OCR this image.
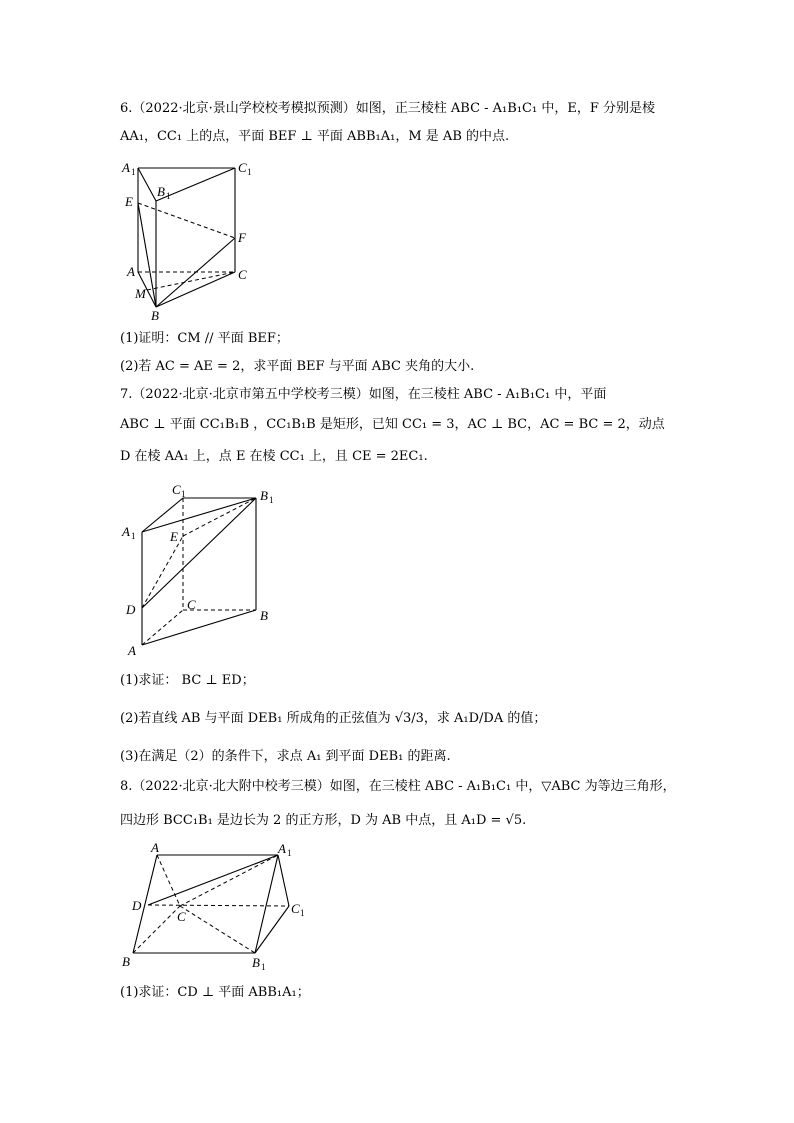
6.（2022·北京·景山学校校考模拟预测）如图，正三棱柱 ABC - A₁B₁C₁ 中，E，F 分别是棱
AA₁，CC₁ 上的点，平面 BEF ⊥ 平面 ABB₁A₁，M 是 AB 的中点.
A 1	C 1
B 1
E
F
A	C
M
B
(1)证明：CM // 平面 BEF；
(2)若 AC = AE = 2，求平面 BEF 与平面 ABC 夹角的大小.
7.（2022·北京·北京市第五中学校考三模）如图，在三棱柱 ABC - A₁B₁C₁ 中，平面
ABC ⊥ 平面 CC₁B₁B ，CC₁B₁B 是矩形，已知 CC₁ = 3，AC ⊥ BC，AC = BC = 2，动点
D 在棱 AA₁ 上，点 E 在棱 CC₁ 上，且 CE = 2EC₁.
C 1	B 1
A 1	E
D	C
B
A
(1)求证： BC ⊥ ED；
(2)若直线 AB 与平面 DEB₁ 所成角的正弦值为 √3/3，求 A₁D/DA 的值；
(3)在满足（2）的条件下，求点 A₁ 到平面 DEB₁ 的距离.
8.（2022·北京·北大附中校考三模）如图，在三棱柱 ABC - A₁B₁C₁ 中，▽ABC 为等边三角形，
四边形 BCC₁B₁ 是边长为 2 的正方形，D 为 AB 中点，且 A₁D = √5.
A	A 1
D
C
C 1
B	B 1
(1)求证：CD ⊥ 平面 ABB₁A₁；
